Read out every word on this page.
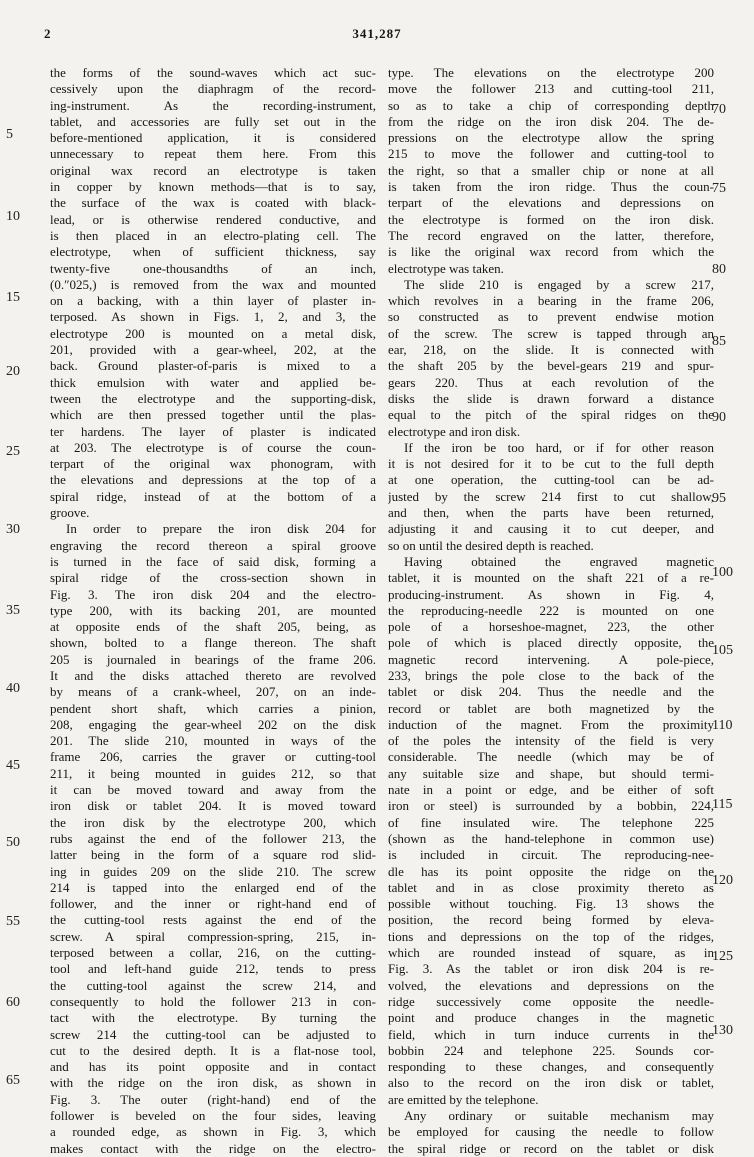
2	341,287
the forms of the sound-waves which act suc-
cessively upon the diaphragm of the record-
ing-instrument. As the recording-instrument,
tablet, and accessories are fully set out in the
before-mentioned application, it is considered
unnecessary to repeat them here. From this
original wax record an electrotype is taken
in copper by known methods—that is to say,
the surface of the wax is coated with black-
lead, or is otherwise rendered conductive, and
is then placed in an electro-plating cell. The
electrotype, when of sufficient thickness, say
twenty-five one-thousandths of an inch,
(0.″025,) is removed from the wax and mounted
on a backing, with a thin layer of plaster in-
terposed. As shown in Figs. 1, 2, and 3, the
electrotype 200 is mounted on a metal disk,
201, provided with a gear-wheel, 202, at the
back. Ground plaster-of-paris is mixed to a
thick emulsion with water and applied be-
tween the electrotype and the supporting-disk,
which are then pressed together until the plas-
ter hardens. The layer of plaster is indicated
at 203. The electrotype is of course the coun-
terpart of the original wax phonogram, with
the elevations and depressions at the top of a
spiral ridge, instead of at the bottom of a
groove.
In order to prepare the iron disk 204 for
engraving the record thereon a spiral groove
is turned in the face of said disk, forming a
spiral ridge of the cross-section shown in
Fig. 3. The iron disk 204 and the electro-
type 200, with its backing 201, are mounted
at opposite ends of the shaft 205, being, as
shown, bolted to a flange thereon. The shaft
205 is journaled in bearings of the frame 206.
It and the disks attached thereto are revolved
by means of a crank-wheel, 207, on an inde-
pendent short shaft, which carries a pinion,
208, engaging the gear-wheel 202 on the disk
201. The slide 210, mounted in ways of the
frame 206, carries the graver or cutting-tool
211, it being mounted in guides 212, so that
it can be moved toward and away from the
iron disk or tablet 204. It is moved toward
the iron disk by the electrotype 200, which
rubs against the end of the follower 213, the
latter being in the form of a square rod slid-
ing in guides 209 on the slide 210. The screw
214 is tapped into the enlarged end of the
follower, and the inner or right-hand end of
the cutting-tool rests against the end of the
screw. A spiral compression-spring, 215, in-
terposed between a collar, 216, on the cutting-
tool and left-hand guide 212, tends to press
the cutting-tool against the screw 214, and
consequently to hold the follower 213 in con-
tact with the electrotype. By turning the
screw 214 the cutting-tool can be adjusted to
cut to the desired depth. It is a flat-nose tool,
and has its point opposite and in contact
with the ridge on the iron disk, as shown in
Fig. 3. The outer (right-hand) end of the
follower is beveled on the four sides, leaving
a rounded edge, as shown in Fig. 3, which
makes contact with the ridge on the electro-
type. The elevations on the electrotype 200
move the follower 213 and cutting-tool 211,
so as to take a chip of corresponding depth
from the ridge on the iron disk 204. The de-
pressions on the electrotype allow the spring
215 to move the follower and cutting-tool to
the right, so that a smaller chip or none at all
is taken from the iron ridge. Thus the coun-
terpart of the elevations and depressions on
the electrotype is formed on the iron disk.
The record engraved on the latter, therefore,
is like the original wax record from which the
electrotype was taken.
The slide 210 is engaged by a screw 217,
which revolves in a bearing in the frame 206,
so constructed as to prevent endwise motion
of the screw. The screw is tapped through an
ear, 218, on the slide. It is connected with
the shaft 205 by the bevel-gears 219 and spur-
gears 220. Thus at each revolution of the
disks the slide is drawn forward a distance
equal to the pitch of the spiral ridges on the
electrotype and iron disk.
If the iron be too hard, or if for other reason
it is not desired for it to be cut to the full depth
at one operation, the cutting-tool can be ad-
justed by the screw 214 first to cut shallow,
and then, when the parts have been returned,
adjusting it and causing it to cut deeper, and
so on until the desired depth is reached.
Having obtained the engraved magnetic
tablet, it is mounted on the shaft 221 of a re-
producing-instrument. As shown in Fig. 4,
the reproducing-needle 222 is mounted on one
pole of a horseshoe-magnet, 223, the other
pole of which is placed directly opposite, the
magnetic record intervening. A pole-piece,
233, brings the pole close to the back of the
tablet or disk 204. Thus the needle and the
record or tablet are both magnetized by the
induction of the magnet. From the proximity
of the poles the intensity of the field is very
considerable. The needle (which may be of
any suitable size and shape, but should termi-
nate in a point or edge, and be either of soft
iron or steel) is surrounded by a bobbin, 224,
of fine insulated wire. The telephone 225
(shown as the hand-telephone in common use)
is included in circuit. The reproducing-nee-
dle has its point opposite the ridge on the
tablet and in as close proximity thereto as
possible without touching. Fig. 13 shows the
position, the record being formed by eleva-
tions and depressions on the top of the ridges,
which are rounded instead of square, as in
Fig. 3. As the tablet or iron disk 204 is re-
volved, the elevations and depressions on the
ridge successively come opposite the needle-
point and produce changes in the magnetic
field, which in turn induce currents in the
bobbin 224 and telephone 225. Sounds cor-
responding to these changes, and consequently
also to the record on the iron disk or tablet,
are emitted by the telephone.
Any ordinary or suitable mechanism may
be employed for causing the needle to follow
the spiral ridge or record on the tablet or disk
5
10
15
20
25
30
35
40
45
50
55
60
65
70
75
80
85
90
95
100
105
110
115
120
125
130
